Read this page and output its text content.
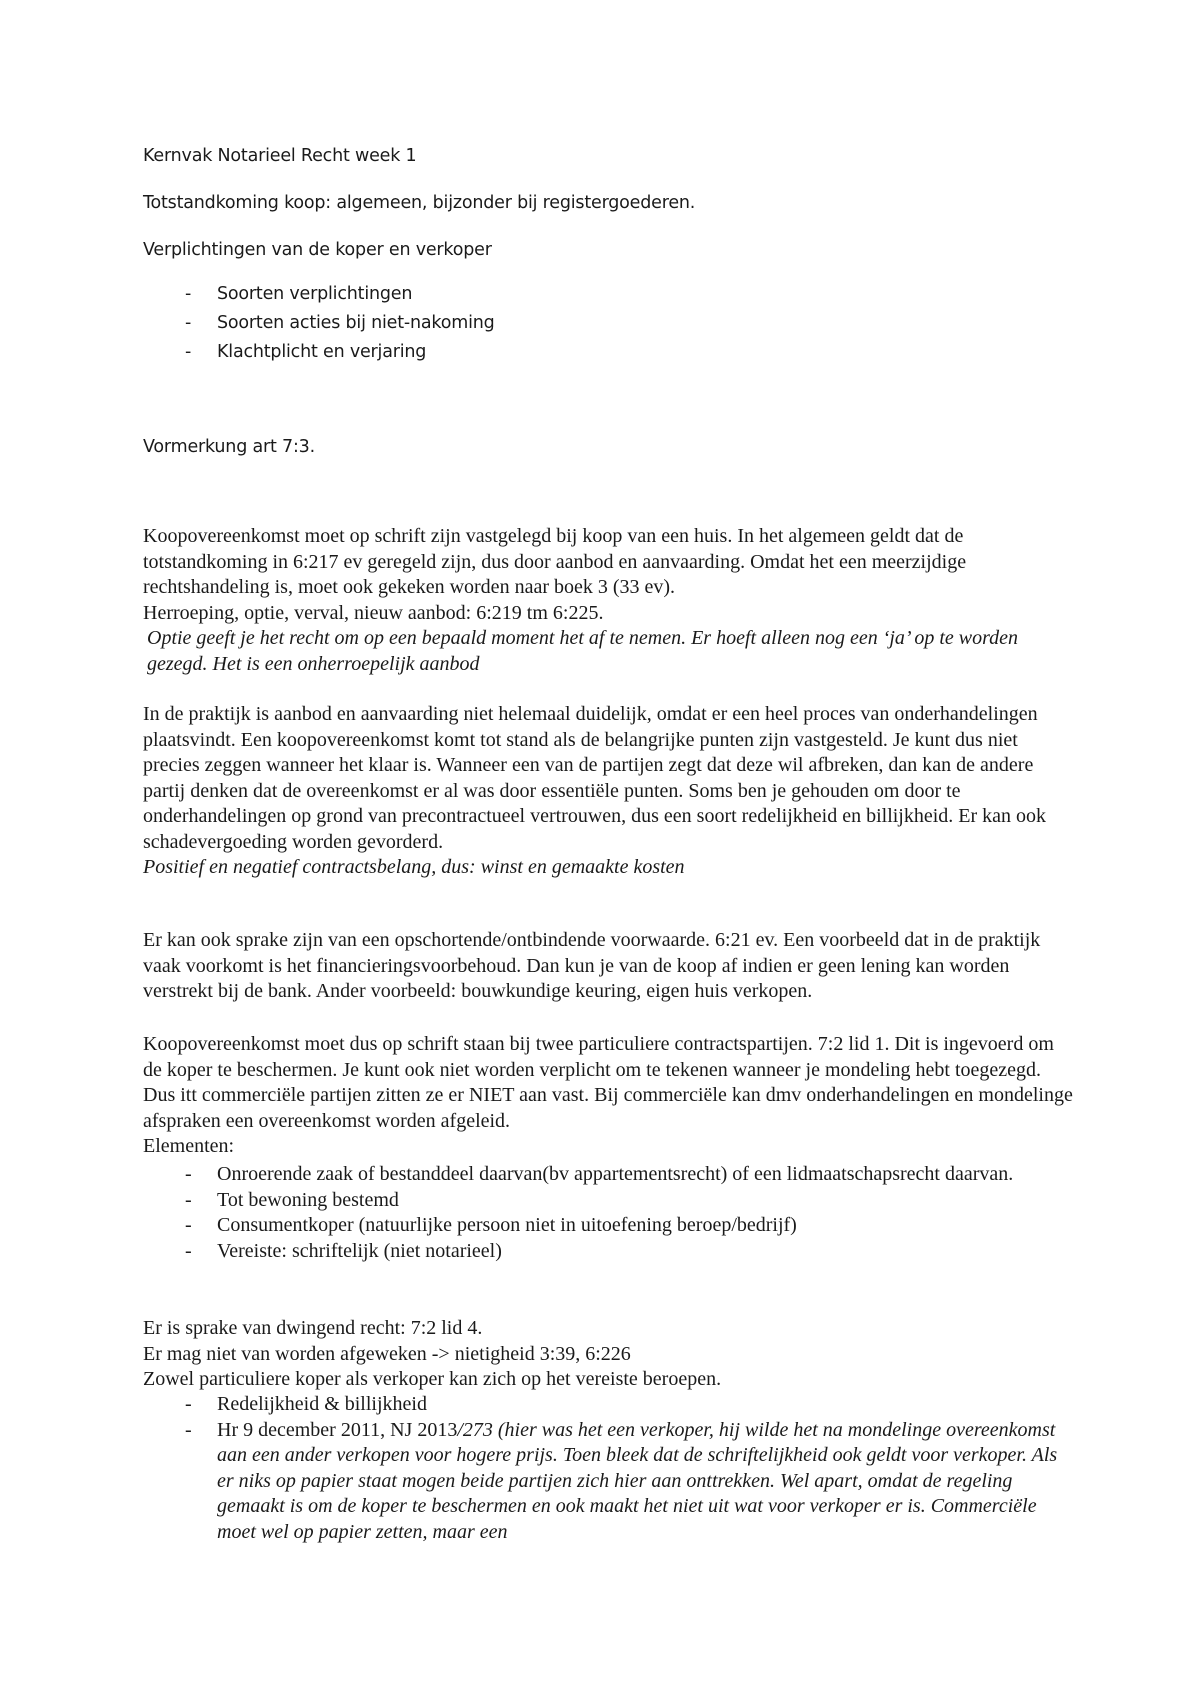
Kernvak Notarieel Recht week 1

Totstandkoming koop: algemeen, bijzonder bij registergoederen.

Verplichtingen van de koper en verkoper

- Soorten verplichtingen
- Soorten acties bij niet-nakoming
- Klachtplicht en verjaring

Vormerkung art 7:3.

Koopovereenkomst moet op schrift zijn vastgelegd bij koop van een huis. In het algemeen geldt dat de totstandkoming in 6:217 ev geregeld zijn, dus door aanbod en aanvaarding. Omdat het een meerzijdige rechtshandeling is, moet ook gekeken worden naar boek 3 (33 ev).

Herroeping, optie, verval, nieuw aanbod: 6:219 tm 6:225.

Optie geeft je het recht om op een bepaald moment het af te nemen. Er hoeft alleen nog een ‘ja’ op te worden gezegd. Het is een onherroepelijk aanbod

In de praktijk is aanbod en aanvaarding niet helemaal duidelijk, omdat er een heel proces van onderhandelingen plaatsvindt. Een koopovereenkomst komt tot stand als de belangrijke punten zijn vastgesteld. Je kunt dus niet precies zeggen wanneer het klaar is. Wanneer een van de partijen zegt dat deze wil afbreken, dan kan de andere partij denken dat de overeenkomst er al was door essentiële punten. Soms ben je gehouden om door te onderhandelingen op grond van precontractueel vertrouwen, dus een soort redelijkheid en billijkheid. Er kan ook schadevergoeding worden gevorderd.

Positief en negatief contractsbelang, dus: winst en gemaakte kosten

Er kan ook sprake zijn van een opschortende/ontbindende voorwaarde. 6:21 ev. Een voorbeeld dat in de praktijk vaak voorkomt is het financieringsvoorbehoud. Dan kun je van de koop af indien er geen lening kan worden verstrekt bij de bank. Ander voorbeeld: bouwkundige keuring, eigen huis verkopen.

Koopovereenkomst moet dus op schrift staan bij twee particuliere contractspartijen. 7:2 lid 1. Dit is ingevoerd om de koper te beschermen. Je kunt ook niet worden verplicht om te tekenen wanneer je mondeling hebt toegezegd. Dus itt commerciële partijen zitten ze er NIET aan vast. Bij commerciële kan dmv onderhandelingen en mondelinge afspraken een overeenkomst worden afgeleid.

Elementen:

- Onroerende zaak of bestanddeel daarvan(bv appartementsrecht) of een lidmaatschapsrecht daarvan.
- Tot bewoning bestemd
- Consumentkoper (natuurlijke persoon niet in uitoefening beroep/bedrijf)
- Vereiste: schriftelijk (niet notarieel)

Er is sprake van dwingend recht: 7:2 lid 4.

Er mag niet van worden afgeweken -> nietigheid 3:39, 6:226

Zowel particuliere koper als verkoper kan zich op het vereiste beroepen.

- Redelijkheid & billijkheid
- Hr 9 december 2011, NJ 2013/273 (hier was het een verkoper, hij wilde het na mondelinge overeenkomst aan een ander verkopen voor hogere prijs. Toen bleek dat de schriftelijkheid ook geldt voor verkoper. Als er niks op papier staat mogen beide partijen zich hier aan onttrekken. Wel apart, omdat de regeling gemaakt is om de koper te beschermen en ook maakt het niet uit wat voor verkoper er is. Commerciële moet wel op papier zetten, maar een
